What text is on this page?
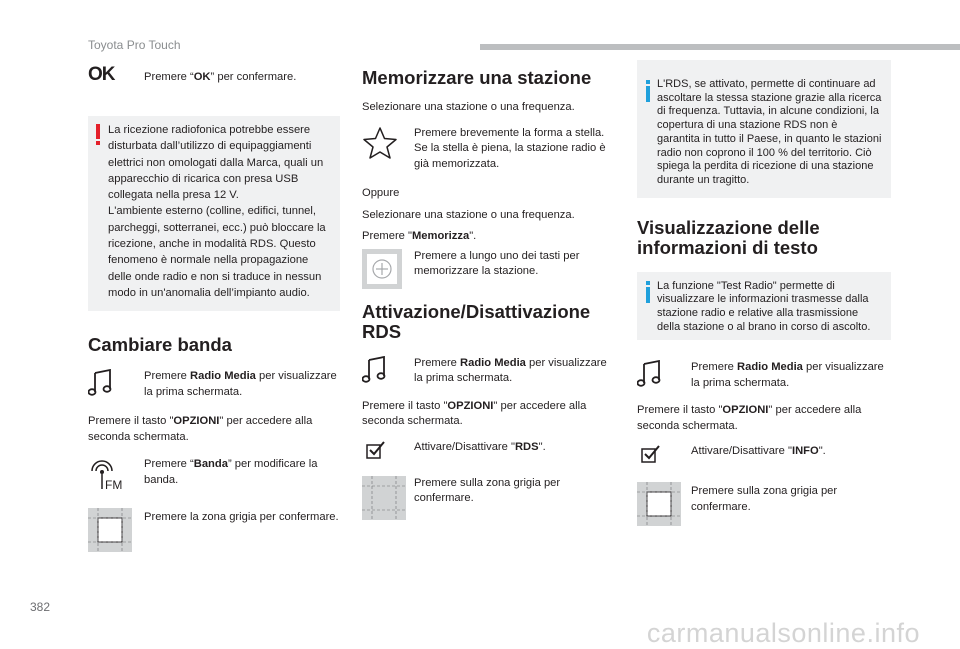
Toyota Pro Touch
OK	Premere “OK” per confermare.

La ricezione radiofonica potrebbe essere disturbata dall’utilizzo di equipaggiamenti elettrici non omologati dalla Marca, quali un apparecchio di ricarica con presa USB collegata nella presa 12 V.
L'ambiente esterno (colline, edifici, tunnel, parcheggi, sotterranei, ecc.) può bloccare la ricezione, anche in modalità RDS. Questo fenomeno è normale nella propagazione delle onde radio e non si traduce in nessun modo in un'anomalia dell’impianto audio.

Cambiare banda

Premere Radio Media per visualizzare la prima schermata.

Premere il tasto "OPZIONI" per accedere alla seconda schermata.

FM

Premere “Banda” per modificare la banda.

Premere la zona grigia per confermare.

Memorizzare una stazione

Selezionare una stazione o una frequenza.

Premere brevemente la forma a stella. Se la stella è piena, la stazione radio è già memorizzata.

Oppure

Selezionare una stazione o una frequenza.

Premere "Memorizza".

Premere a lungo uno dei tasti per memorizzare la stazione.

Attivazione/Disattivazione RDS

Premere Radio Media per visualizzare la prima schermata.

Premere il tasto "OPZIONI" per accedere alla seconda schermata.

Attivare/Disattivare "RDS".

Premere sulla zona grigia per confermare.

L'RDS, se attivato, permette di continuare ad ascoltare la stessa stazione grazie alla ricerca di frequenza. Tuttavia, in alcune condizioni, la copertura di una stazione RDS non è garantita in tutto il Paese, in quanto le stazioni radio non coprono il 100 % del territorio. Ciò spiega la perdita di ricezione di una stazione durante un tragitto.

Visualizzazione delle informazioni di testo

La funzione "Test Radio" permette di visualizzare le informazioni trasmesse dalla stazione radio e relative alla trasmissione della stazione o al brano in corso di ascolto.

Premere Radio Media per visualizzare la prima schermata.

Premere il tasto "OPZIONI" per accedere alla seconda schermata.

Attivare/Disattivare "INFO".

Premere sulla zona grigia per confermare.

382
carmanualsonline.info
